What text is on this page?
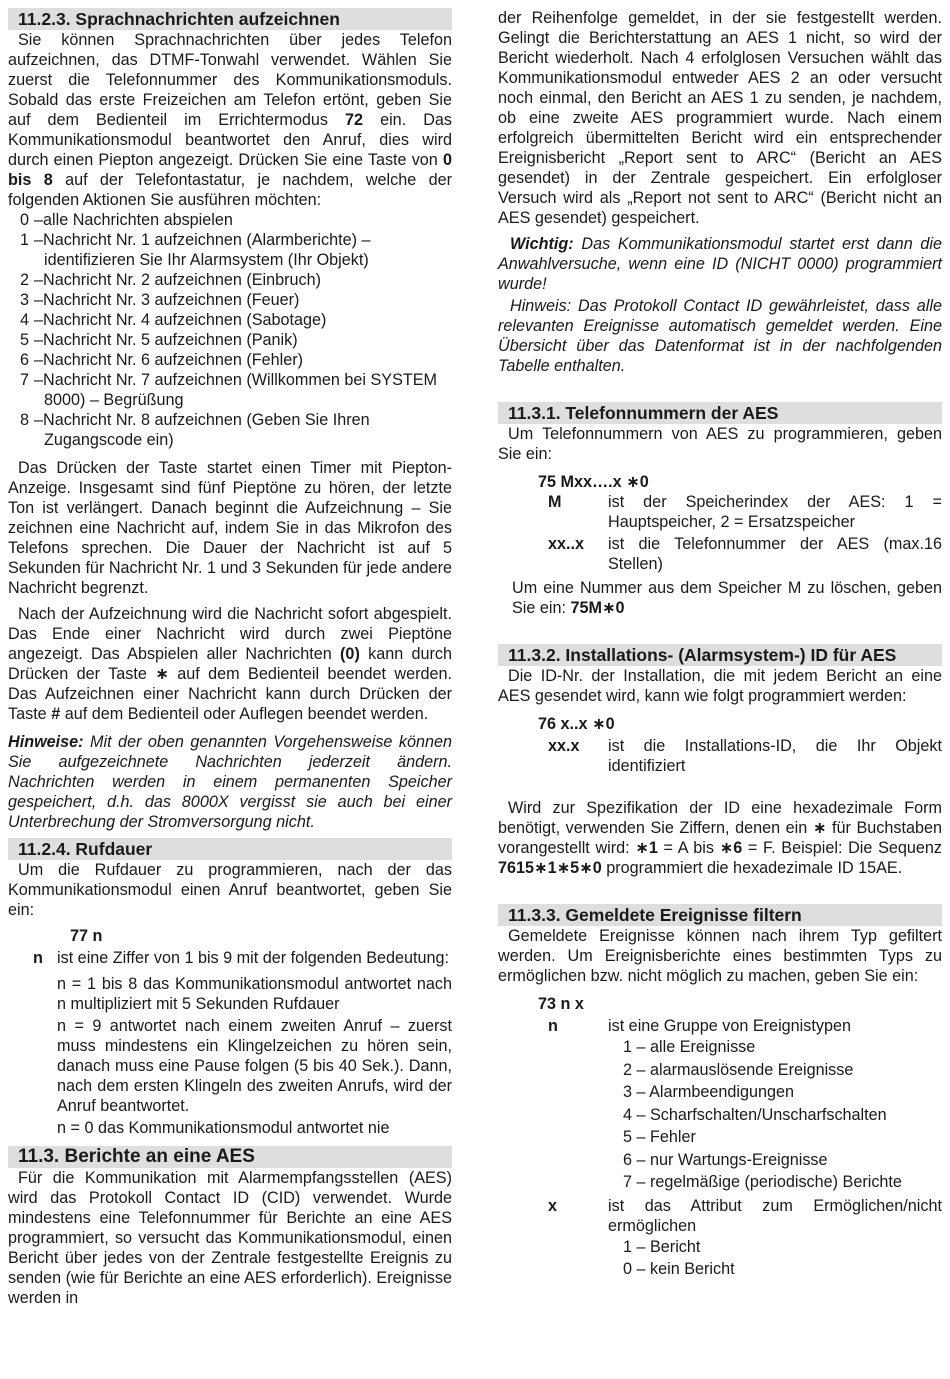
11.2.3. Sprachnachrichten aufzeichnen

Sie können Sprachnachrichten über jedes Telefon aufzeichnen, das DTMF-Tonwahl verwendet. Wählen Sie zuerst die Telefonnummer des Kommunikationsmoduls. Sobald das erste Freizeichen am Telefon ertönt, geben Sie auf dem Bedienteil im Errichtermodus 72 ein. Das Kommunikationsmodul beantwortet den Anruf, dies wird durch einen Piepton angezeigt. Drücken Sie eine Taste von 0 bis 8 auf der Telefontastatur, je nachdem, welche der folgenden Aktionen Sie ausführen möchten:

0 –alle Nachrichten abspielen
1 –Nachricht Nr. 1 aufzeichnen (Alarmberichte) – identifizieren Sie Ihr Alarmsystem (Ihr Objekt)
2 –Nachricht Nr. 2 aufzeichnen (Einbruch)
3 –Nachricht Nr. 3 aufzeichnen (Feuer)
4 –Nachricht Nr. 4 aufzeichnen (Sabotage)
5 –Nachricht Nr. 5 aufzeichnen (Panik)
6 –Nachricht Nr. 6 aufzeichnen (Fehler)
7 –Nachricht Nr. 7 aufzeichnen (Willkommen bei SYSTEM 8000) – Begrüßung
8 –Nachricht Nr. 8 aufzeichnen (Geben Sie Ihren Zugangscode ein)

Das Drücken der Taste startet einen Timer mit Piepton-Anzeige. Insgesamt sind fünf Pieptöne zu hören, der letzte Ton ist verlängert. Danach beginnt die Aufzeichnung – Sie zeichnen eine Nachricht auf, indem Sie in das Mikrofon des Telefons sprechen. Die Dauer der Nachricht ist auf 5 Sekunden für Nachricht Nr. 1 und 3 Sekunden für jede andere Nachricht begrenzt.

Nach der Aufzeichnung wird die Nachricht sofort abgespielt. Das Ende einer Nachricht wird durch zwei Pieptöne angezeigt. Das Abspielen aller Nachrichten (0) kann durch Drücken der Taste ∗ auf dem Bedienteil beendet werden. Das Aufzeichnen einer Nachricht kann durch Drücken der Taste # auf dem Bedienteil oder Auflegen beendet werden.

Hinweise: Mit der oben genannten Vorgehensweise können Sie aufgezeichnete Nachrichten jederzeit ändern. Nachrichten werden in einem permanenten Speicher gespeichert, d.h. das 8000X vergisst sie auch bei einer Unterbrechung der Stromversorgung nicht.

11.2.4. Rufdauer

Um die Rufdauer zu programmieren, nach der das Kommunikationsmodul einen Anruf beantwortet, geben Sie ein:

77 n
n ist eine Ziffer von 1 bis 9 mit der folgenden Bedeutung:
n = 1 bis 8 das Kommunikationsmodul antwortet nach n multipliziert mit 5 Sekunden Rufdauer
n = 9 antwortet nach einem zweiten Anruf – zuerst muss mindestens ein Klingelzeichen zu hören sein, danach muss eine Pause folgen (5 bis 40 Sek.). Dann, nach dem ersten Klingeln des zweiten Anrufs, wird der Anruf beantwortet.
n = 0 das Kommunikationsmodul antwortet nie
11.3. Berichte an eine AES

Für die Kommunikation mit Alarmempfangsstellen (AES) wird das Protokoll Contact ID (CID) verwendet. Wurde mindestens eine Telefonnummer für Berichte an eine AES programmiert, so versucht das Kommunikationsmodul, einen Bericht über jedes von der Zentrale festgestellte Ereignis zu senden (wie für Berichte an eine AES erforderlich). Ereignisse werden in

der Reihenfolge gemeldet, in der sie festgestellt werden. Gelingt die Berichterstattung an AES 1 nicht, so wird der Bericht wiederholt. Nach 4 erfolglosen Versuchen wählt das Kommunikationsmodul entweder AES 2 an oder versucht noch einmal, den Bericht an AES 1 zu senden, je nachdem, ob eine zweite AES programmiert wurde. Nach einem erfolgreich übermittelten Bericht wird ein entsprechender Ereignisbericht „Report sent to ARC“ (Bericht an AES gesendet) in der Zentrale gespeichert. Ein erfolgloser Versuch wird als „Report not sent to ARC“ (Bericht nicht an AES gesendet) gespeichert.

Wichtig: Das Kommunikationsmodul startet erst dann die Anwahlversuche, wenn eine ID (NICHT 0000) programmiert wurde!

Hinweis: Das Protokoll Contact ID gewährleistet, dass alle relevanten Ereignisse automatisch gemeldet werden. Eine Übersicht über das Datenformat ist in der nachfolgenden Tabelle enthalten.

11.3.1. Telefonnummern der AES

Um Telefonnummern von AES zu programmieren, geben Sie ein:

75 Mxx….x ∗0
M	ist der Speicherindex der AES: 1 = Hauptspeicher, 2 = Ersatzspeicher
xx..x	ist die Telefonnummer der AES (max.16 Stellen)

Um eine Nummer aus dem Speicher M zu löschen, geben Sie ein: 75M∗0

11.3.2. Installations- (Alarmsystem-) ID für AES

Die ID-Nr. der Installation, die mit jedem Bericht an eine AES gesendet wird, kann wie folgt programmiert werden:

76 x..x ∗0
xx.x	ist die Installations-ID, die Ihr Objekt identifiziert

Wird zur Spezifikation der ID eine hexadezimale Form benötigt, verwenden Sie Ziffern, denen ein ∗ für Buchstaben vorangestellt wird: ∗1 = A bis ∗6 = F. Beispiel: Die Sequenz 7615∗1∗5∗0 programmiert die hexadezimale ID 15AE.

11.3.3. Gemeldete Ereignisse filtern

Gemeldete Ereignisse können nach ihrem Typ gefiltert werden. Um Ereignisberichte eines bestimmten Typs zu ermöglichen bzw. nicht möglich zu machen, geben Sie ein:

73 n x
n	ist eine Gruppe von Ereignistypen
1 – alle Ereignisse
2 – alarmauslösende Ereignisse
3 – Alarmbeendigungen
4 – Scharfschalten/Unscharfschalten
5 – Fehler
6 – nur Wartungs-Ereignisse
7 – regelmäßige (periodische) Berichte
x	ist das Attribut zum Ermöglichen/nicht ermöglichen
1 – Bericht
0 – kein Bericht
